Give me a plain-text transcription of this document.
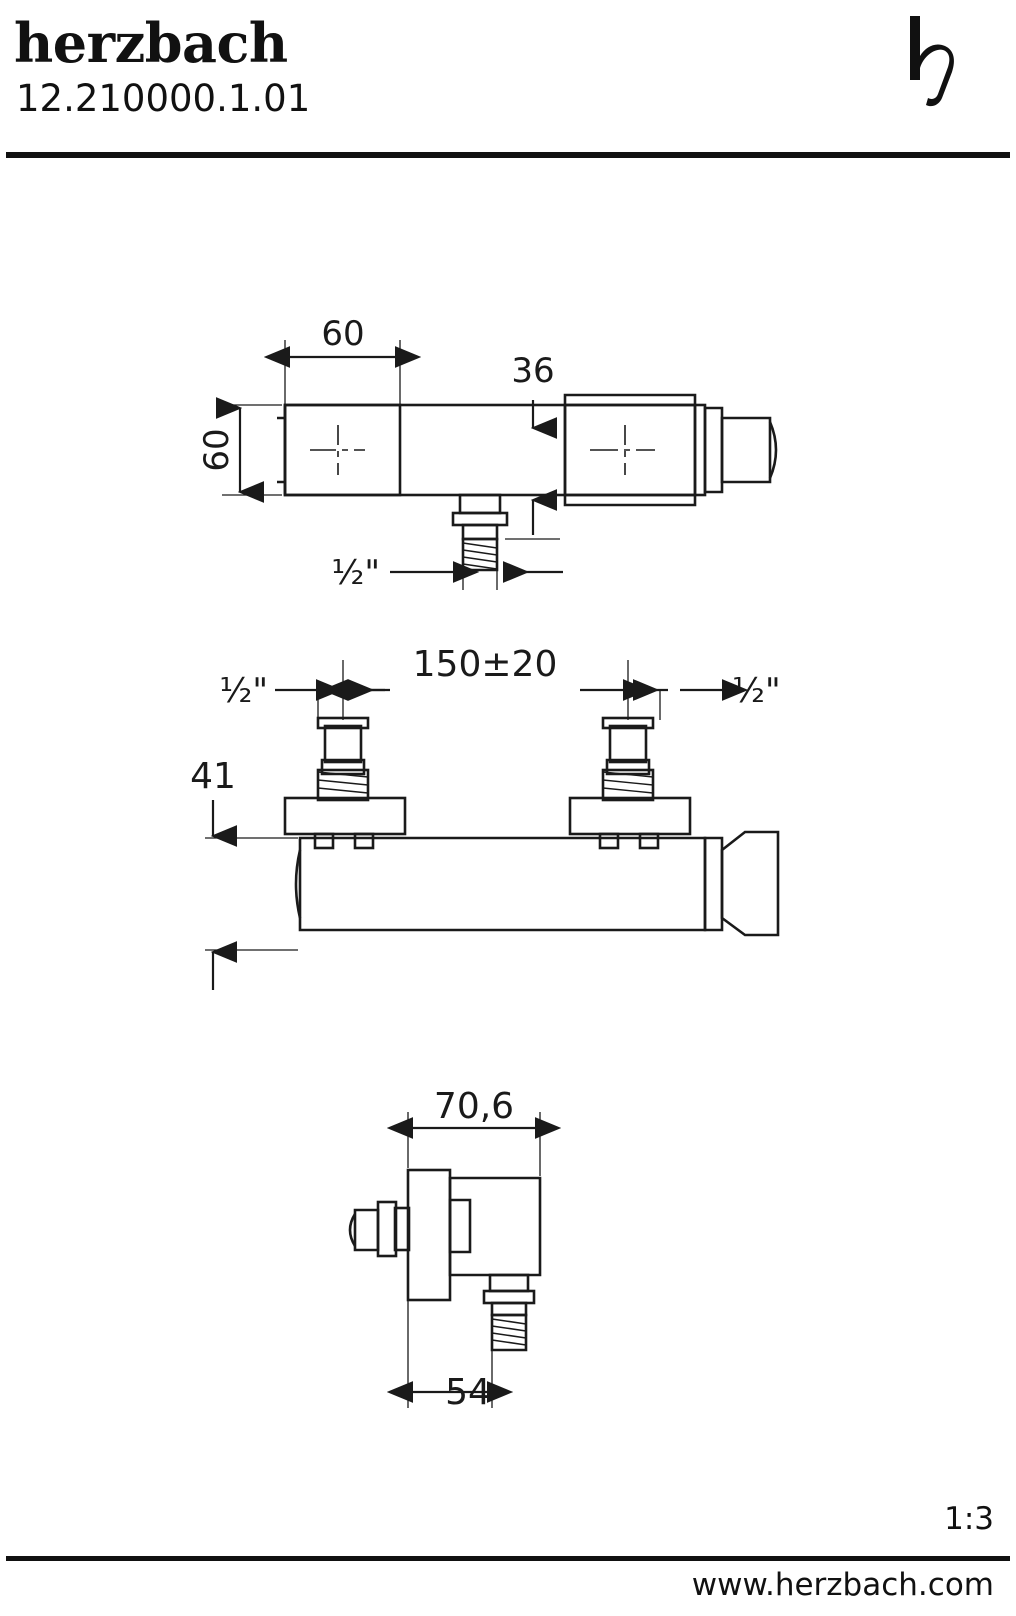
herzbach
12.210000.1.01
60
60
36
½"
150±20
½"	½"
41
70,6
54
1:3
www.herzbach.com
